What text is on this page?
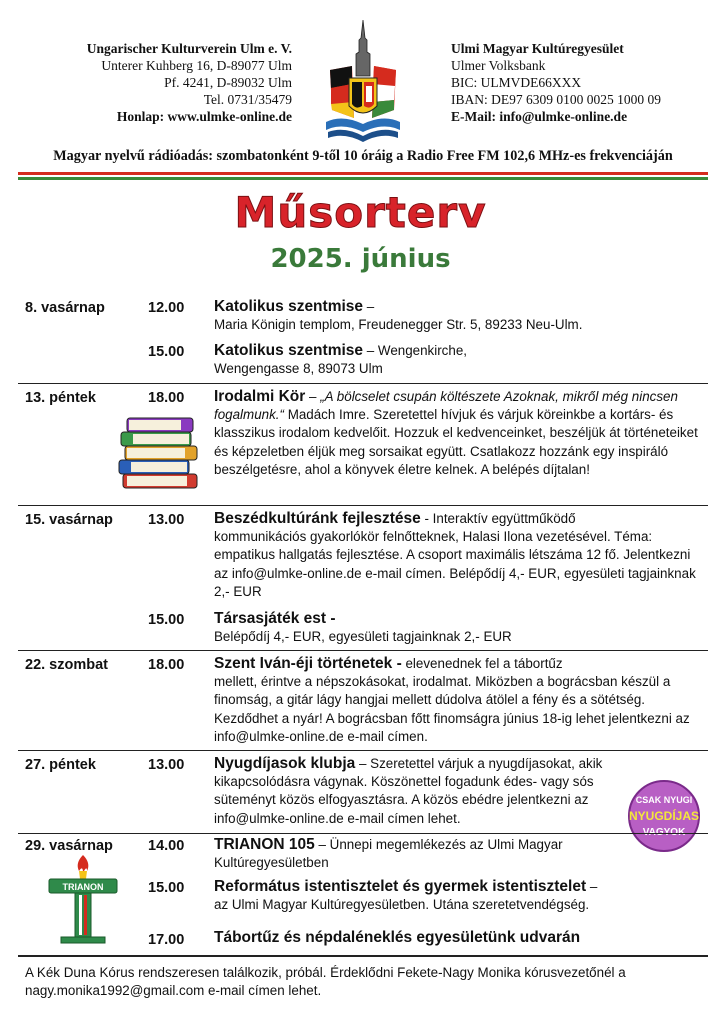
Ungarischer Kulturverein Ulm e. V.
Unterer Kuhberg 16, D-89077 Ulm
Pf. 4241, D-89032 Ulm
Tel. 0731/35479
Honlap: www.ulmke-online.de
Ulmi Magyar Kultúregyesület
Ulmer Volksbank
BIC: ULMVDE66XXX
IBAN: DE97 6309 0100 0025 1000 09
E-Mail: info@ulmke-online.de
Magyar nyelvű rádióadás: szombatonként 9-től 10 óráig a Radio Free FM 102,6 MHz-es frekvenciáján
Műsorterv
2025. június
8. vasárnap	12.00 Katolikus szentmise –
Maria Königin templom, Freudenegger Str. 5, 89233 Neu-Ulm.
15.00 Katolikus szentmise – Wengenkirche,
Wengengasse 8, 89073 Ulm
13. péntek	18.00 Irodalmi Kör – „A bölcselet csupán költészete Azoknak, mikről még nincsen fogalmunk.“ Madách Imre. Szeretettel hívjuk és várjuk köreinkbe a kortárs- és klasszikus irodalom kedvelőit. Hozzuk el kedvenceinket, beszéljük át történeteiket és képzeletben éljük meg sorsaikat együtt. Csatlakozz hozzánk egy inspiráló beszélgetésre, ahol a könyvek életre kelnek. A belépés díjtalan!
15. vasárnap 13.00 Beszédkultúránk fejlesztése - Interaktív együttműködő
kommunikációs gyakorlókör felnőtteknek, Halasi Ilona vezetésével. Téma: empatikus hallgatás fejlesztése. A csoport maximális létszáma 12 fő. Jelentkezni az info@ulmke-online.de e-mail címen. Belépődíj 4,- EUR, egyesületi tagjainknak 2,- EUR
15.00 Társasjáték est -
Belépődíj 4,- EUR, egyesületi tagjainknak 2,- EUR
22. szombat	18.00 Szent Iván-éji történetek - elevenednek fel a tábortűz
mellett, érintve a népszokásokat, irodalmat. Miközben a bográcsban készül a finomság, a gitár lágy hangjai mellett dúdolva átölel a fény és a sötétség. Kezdődhet a nyár! A bográcsban főtt finomságra június 18-ig lehet jelentkezni az info@ulmke-online.de e-mail címen.
27. péntek	13.00 Nyugdíjasok klubja – Szeretettel várjuk a nyugdíjasokat, akik kikapcsolódásra vágynak. Köszönettel fogadunk édes- vagy sós süteményt közös elfogyasztásra. A közös ebédre jelentkezni az info@ulmke-online.de e-mail címen lehet.
CSAK NYUGI
NYUGDÍJAS
29. vasárnap 14.00 TRIANON 105 – Ünnepi megemlékezés az Ulmi Magyar Kultúregyesületben
TRIANON	15.00 Református istentisztelet és gyermek istentisztelet –
az Ulmi Magyar Kultúregyesületben. Utána szeretetvendégség.
17.00 Tábortűz és népdaléneklés egyesületünk udvarán
A Kék Duna Kórus rendszeresen találkozik, próbál. Érdeklődni Fekete-Nagy Monika kórusvezetőnél a nagy.monika1992@gmail.com e-mail címen lehet.
